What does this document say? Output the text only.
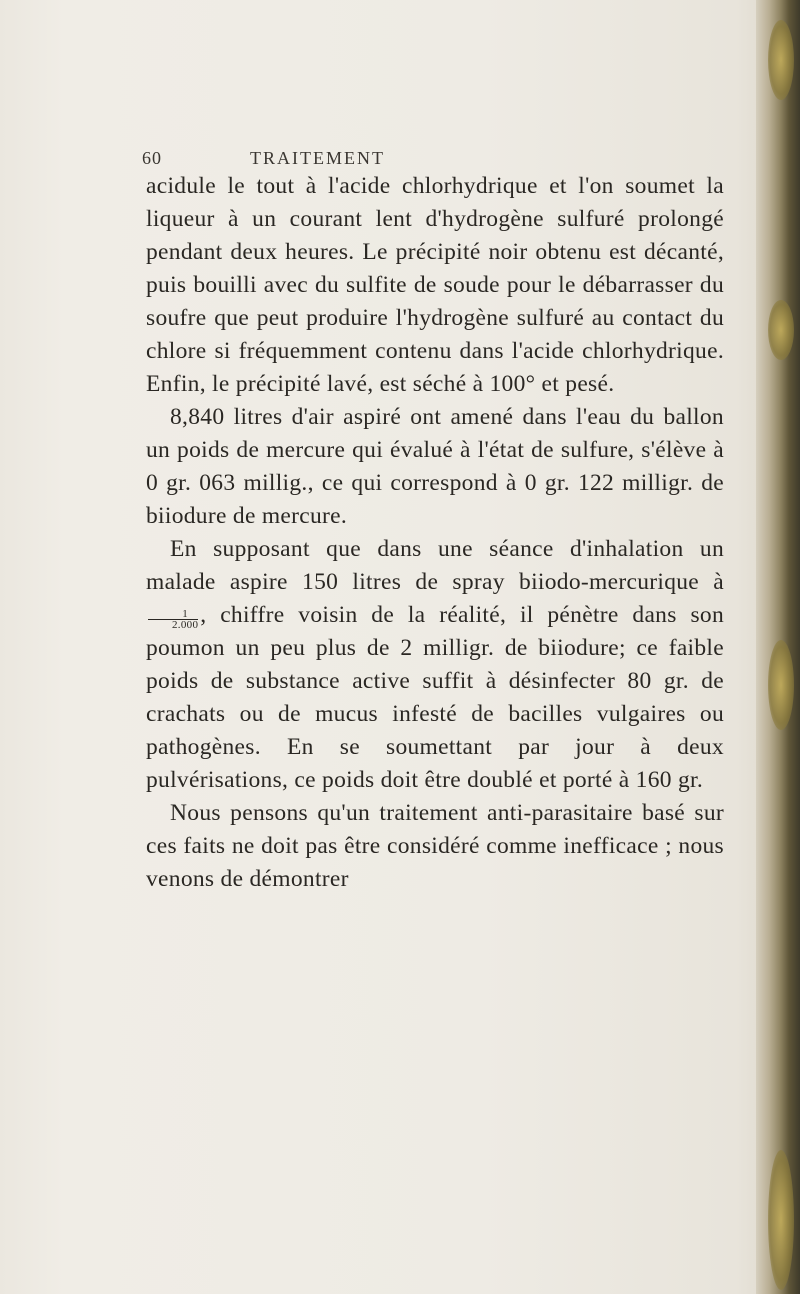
60	TRAITEMENT

acidule le tout à l'acide chlorhydrique et l'on soumet la liqueur à un courant lent d'hydrogène sulfuré prolongé pendant deux heures. Le précipité noir obtenu est décanté, puis bouilli avec du sulfite de soude pour le débarrasser du soufre que peut produire l'hydrogène sulfuré au contact du chlore si fréquemment contenu dans l'acide chlorhydrique. Enfin, le précipité lavé, est séché à 100° et pesé.

8,840 litres d'air aspiré ont amené dans l'eau du ballon un poids de mercure qui évalué à l'état de sulfure, s'élève à 0 gr. 063 millig., ce qui correspond à 0 gr. 122 milligr. de biiodure de mercure.

En supposant que dans une séance d'inhalation un malade aspire 150 litres de spray biiodo-mercurique à
$\frac{1}{2.000}$ , chiffre voisin de la réalité, il pénètre dans son poumon un peu plus de 2 milligr. de biiodure; ce faible poids de substance active suffit à désinfecter 80 gr. de crachats ou de mucus infesté de bacilles vulgaires ou pathogènes. En se soumettant par jour à deux pulvérisations, ce poids doit être doublé et porté à 160 gr.

Nous pensons qu'un traitement anti-parasitaire basé sur ces faits ne doit pas être considéré comme inefficace ; nous venons de démontrer
